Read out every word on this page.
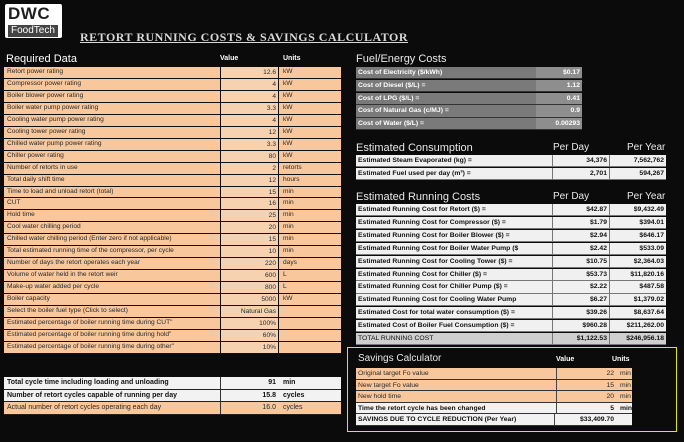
DWC
FoodTech RETORT RUNNING COSTS & SAVINGS CALCULATOR
Required Data	Value	Units
Retort power rating	12.6	kW
Compressor power rating	4	kW
Boiler blower power rating	4	kW
Boiler water pump power rating	3.3	kW
Cooling water pump power rating	4	kW
Cooling tower power rating	12	kW
Chilled water pump power rating	3.3	kW
Chiller power rating	80	kW
Number of retorts in use	2	retorts
Total daily shift time	12	hours
Time to load and unload retort (total)	15	min
CUT	16	min
Hold time	25	min
Cool water chilling period	20	min
Chilled water chilling period (Enter zero if not applicable)	15	min
Total estimated running time of the compressor, per cycle	10	min
Number of days the retort operates each year	220	days
Volume of water held in the retort weir	600	L
Make-up water added per cycle	800	L
Boiler capacity	5000	kW
Select the boiler fuel type (Click to select)	Natural Gas
Estimated percentage of boiler running time during CUT"	100%
Estimated percentage of boiler running time during hold"	60%
Estimated percentage of boiler running time during other"	10%
Total cycle time including loading and unloading	91	min
Number of retort cycles capable of running per day	15.8	cycles
Actual number of retort cycles operating each day	16.0	cycles
Fuel/Energy Costs
Cost of Electricity ($/kWh)	$0.17
Cost of Diesel ($/L) =	1.12
Cost of LPG ($/L) =	0.41
Cost of Natural Gas (c/MJ) =	0.9
Cost of Water ($/L) =	0.00293
Estimated Consumption	Per Day	Per Year
Estimated Steam Evaporated (kg) =	34,376	7,562,762
Estimated Fuel used per day (m³) =	2,701	594,267
Estimated Running Costs	Per Day	Per Year
Estimated Running Cost for Retort ($) =	$42.87	$9,432.49
Estimated Running Cost for Compressor ($) =	$1.79	$394.01
Estimated Running Cost for Boiler Blower ($) =	$2.94	$646.17
Estimated Running Cost for Boiler Water Pump ($	$2.42	$533.09
Estimated Running Cost for Cooling Tower ($) =	$10.75	$2,364.03
Estimated Running Cost for Chiller ($) =	$53.73	$11,820.16
Estimated Running Cost for Chiller Pump ($) =	$2.22	$487.58
Estimated Running Cost for Cooling Water Pump	$6.27	$1,379.02
Estimated Cost for total water consumption ($) =	$39.26	$8,637.64
Estimated Cost of Boiler Fuel Consumption ($) =	$960.28	$211,262.00
TOTAL RUNNING COST	$1,122.53	$246,956.18
Savings Calculator	Value	Units
Original target Fo value	22 min
New target Fo value	15 min
New hold time	20 min
Time the retort cycle has been changed	5 min
SAVINGS DUE TO CYCLE REDUCTION (Per Year)	$33,409.70
